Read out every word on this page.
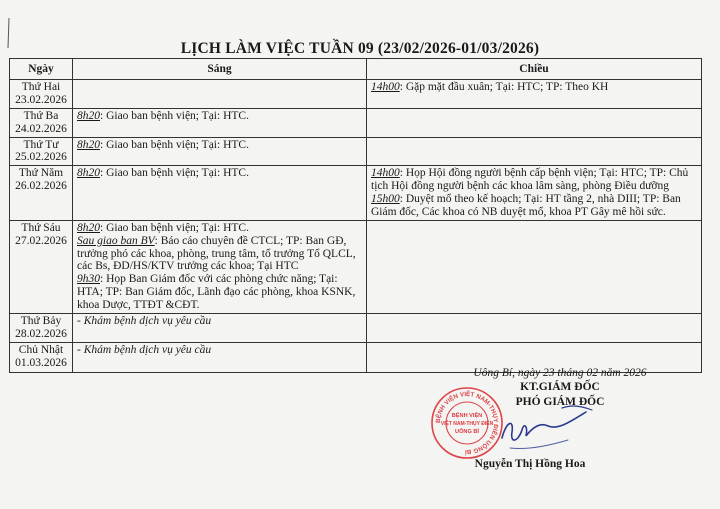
LỊCH LÀM VIỆC TUẦN 09 (23/02/2026-01/03/2026)
Ngày	Sáng	Chiều

Thứ Hai
23.02.2026		14h00: Gặp mặt đầu xuân; Tại: HTC; TP: Theo KH

Thứ Ba
24.02.2026	8h20: Giao ban bệnh viện; Tại: HTC.	

Thứ Tư
25.02.2026	8h20: Giao ban bệnh viện; Tại: HTC.	

Thứ Năm
26.02.2026	8h20: Giao ban bệnh viện; Tại: HTC.	14h00: Họp Hội đồng người bệnh cấp bệnh viện; Tại: HTC; TP: Chủ tịch Hội đồng người bệnh các khoa lâm sàng, phòng Điều dưỡng
15h00: Duyệt mổ theo kế hoạch; Tại: HT tầng 2, nhà DIII; TP: Ban Giám đốc, Các khoa có NB duyệt mổ, khoa PT Gây mê hồi sức.

Thứ Sáu
27.02.2026	8h20: Giao ban bệnh viện; Tại: HTC.
Sau giao ban BV: Báo cáo chuyên đề CTCL; TP: Ban GĐ, trưởng phó các khoa, phòng, trung tâm, tổ trưởng Tổ QLCL, các Bs, ĐD/HS/KTV trưởng các khoa; Tại HTC
9h30: Họp Ban Giám đốc với các phòng chức năng; Tại: HTA; TP: Ban Giám đốc, Lãnh đạo các phòng, khoa KSNK, khoa Dược, TTĐT &CĐT.	

Thứ Bảy
28.02.2026	- Khám bệnh dịch vụ yêu cầu	

Chủ Nhật
01.03.2026	- Khám bệnh dịch vụ yêu cầu	

BỆNH VIỆN VIỆT NAM-THỤY ĐIỂN UÔNG BÍ
BỆNH VIỆN
VIỆT NAM-THỤY ĐIỂN
UÔNG BÍ
Uông Bí, ngày 23 tháng 02 năm 2026
KT.GIÁM ĐỐC
PHÓ GIÁM ĐỐC
Nguyễn Thị Hồng Hoa
